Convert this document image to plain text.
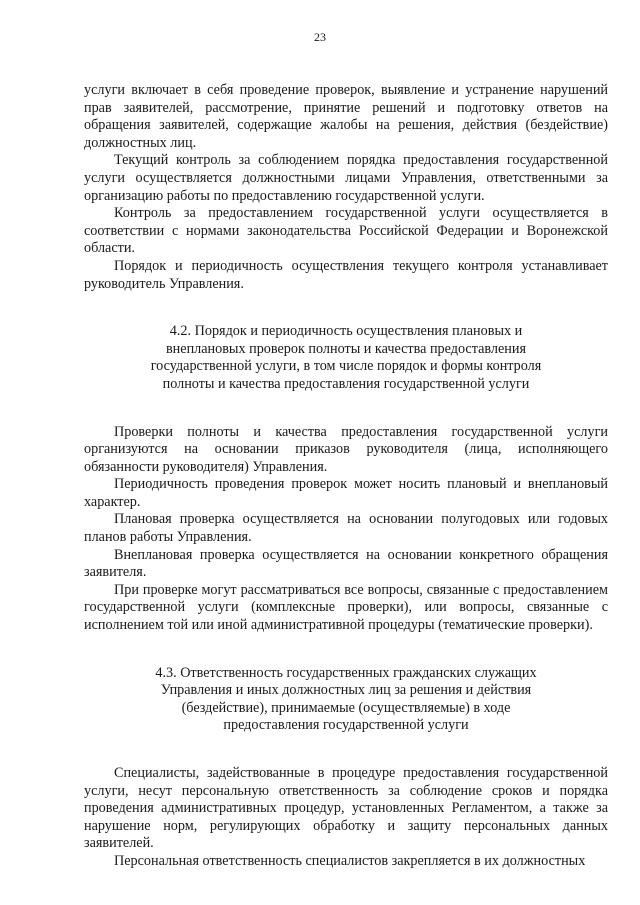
23

услуги включает в себя проведение проверок, выявление и устранение нарушений прав заявителей, рассмотрение, принятие решений и подготовку ответов на обращения заявителей, содержащие жалобы на решения, действия (бездействие) должностных лиц.

Текущий контроль за соблюдением порядка предоставления государственной услуги осуществляется должностными лицами Управления, ответственными за организацию работы по предоставлению государственной услуги.

Контроль за предоставлением государственной услуги осуществляется в соответствии с нормами законодательства Российской Федерации и Воронежской области.

Порядок и периодичность осуществления текущего контроля устанавливает руководитель Управления.

4.2. Порядок и периодичность осуществления плановых и
внеплановых проверок полноты и качества предоставления
государственной услуги, в том числе порядок и формы контроля
полноты и качества предоставления государственной услуги

Проверки полноты и качества предоставления государственной услуги организуются на основании приказов руководителя (лица, исполняющего обязанности руководителя) Управления.

Периодичность проведения проверок может носить плановый и внеплановый характер.

Плановая проверка осуществляется на основании полугодовых или годовых планов работы Управления.

Внеплановая проверка осуществляется на основании конкретного обращения заявителя.

При проверке могут рассматриваться все вопросы, связанные с предоставлением государственной услуги (комплексные проверки), или вопросы, связанные с исполнением той или иной административной процедуры (тематические проверки).

4.3. Ответственность государственных гражданских служащих
Управления и иных должностных лиц за решения и действия
(бездействие), принимаемые (осуществляемые) в ходе
предоставления государственной услуги

Специалисты, задействованные в процедуре предоставления государственной услуги, несут персональную ответственность за соблюдение сроков и порядка проведения административных процедур, установленных Регламентом, а также за нарушение норм, регулирующих обработку и защиту персональных данных заявителей.

Персональная ответственность специалистов закрепляется в их должностных
